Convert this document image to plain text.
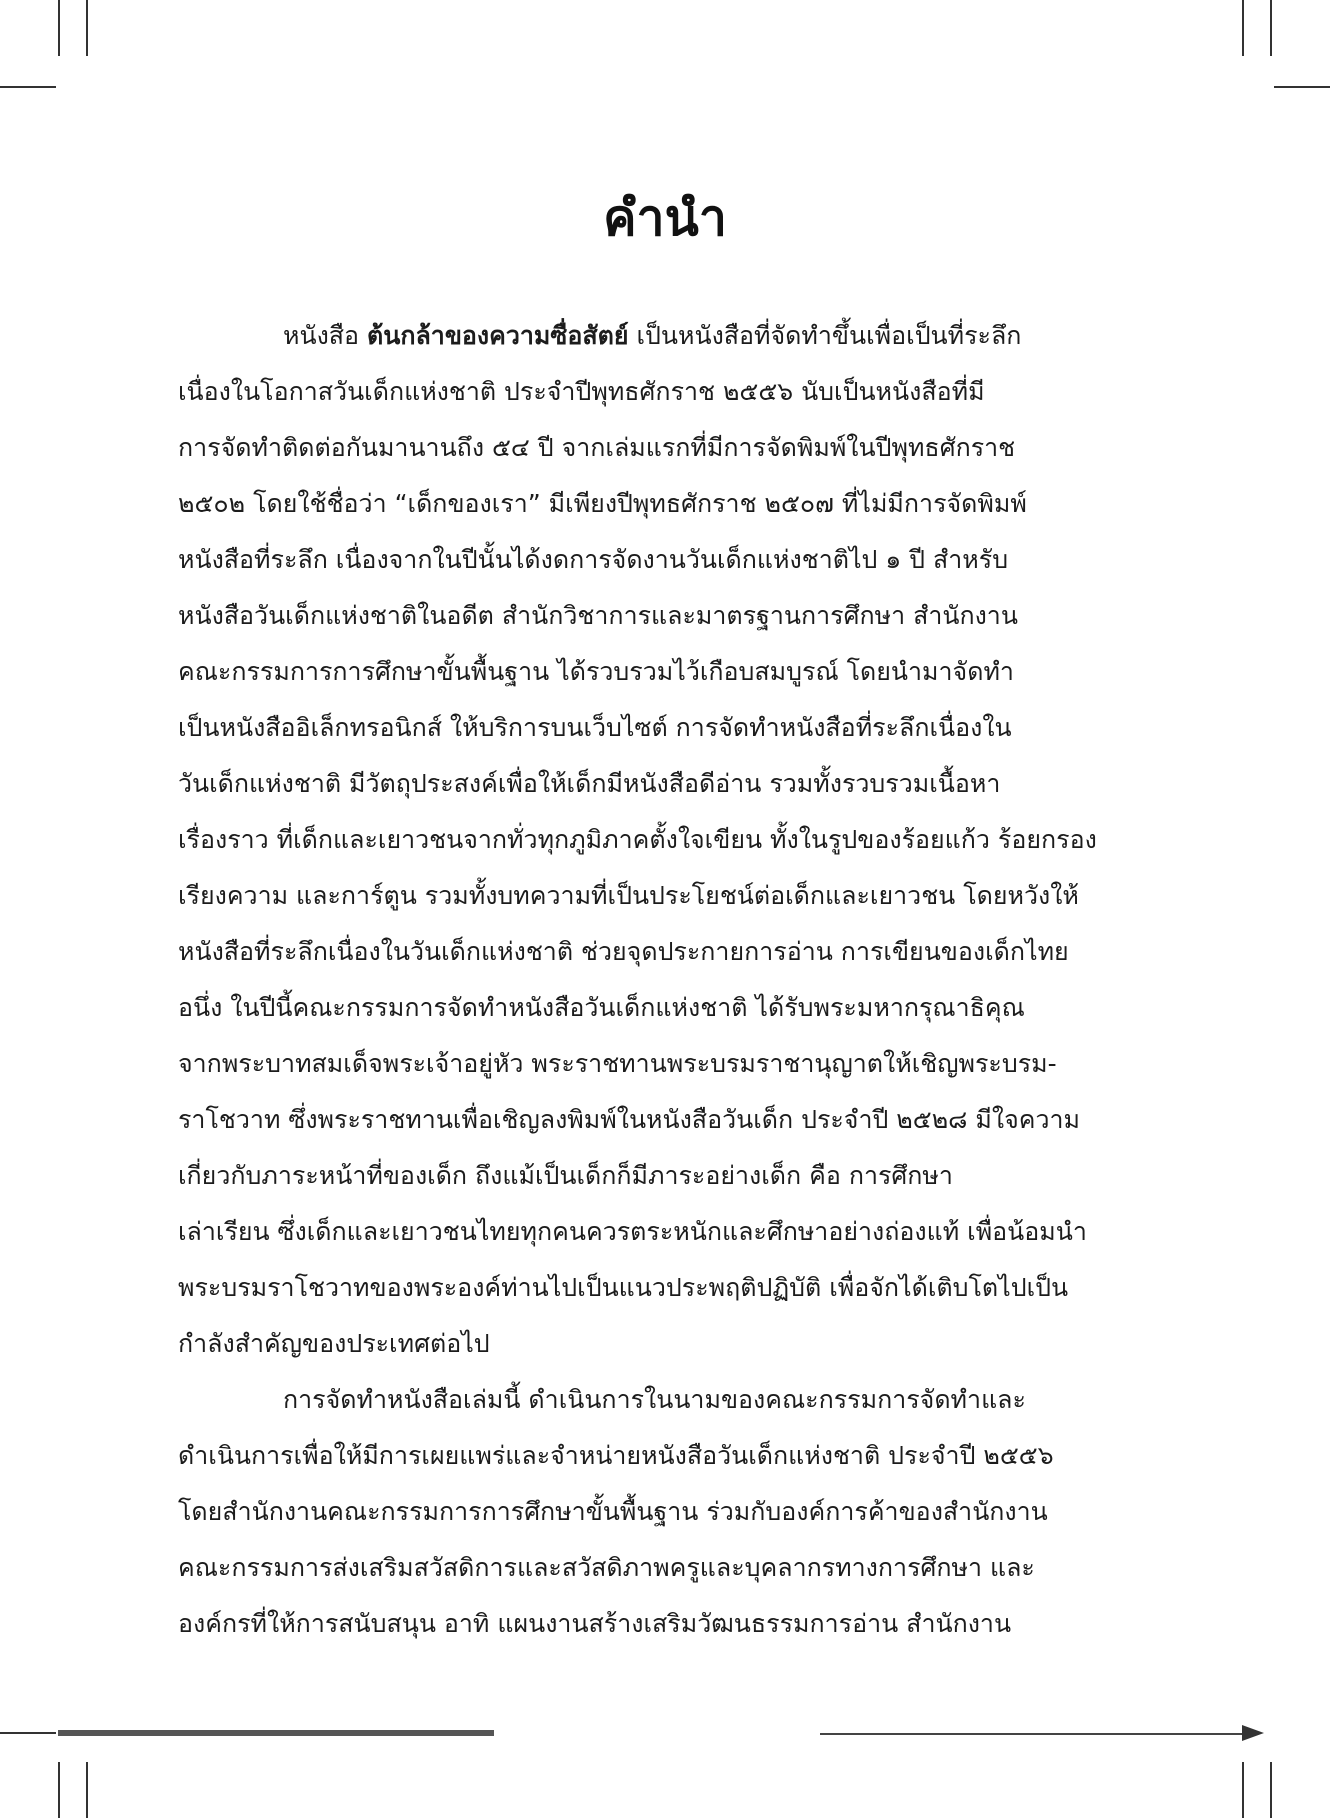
คำนำ
หนังสือ ต้นกล้าของความซื่อสัตย์ เป็นหนังสือที่จัดทำขึ้นเพื่อเป็นที่ระลึก
เนื่องในโอกาสวันเด็กแห่งชาติ ประจำปีพุทธศักราช ๒๕๕๖ นับเป็นหนังสือที่มี
การจัดทำติดต่อกันมานานถึง ๕๔ ปี จากเล่มแรกที่มีการจัดพิมพ์ในปีพุทธศักราช
๒๕๐๒ โดยใช้ชื่อว่า “เด็กของเรา” มีเพียงปีพุทธศักราช ๒๕๐๗ ที่ไม่มีการจัดพิมพ์
หนังสือที่ระลึก เนื่องจากในปีนั้นได้งดการจัดงานวันเด็กแห่งชาติไป ๑ ปี สำหรับ
หนังสือวันเด็กแห่งชาติในอดีต สำนักวิชาการและมาตรฐานการศึกษา สำนักงาน
คณะกรรมการการศึกษาขั้นพื้นฐาน ได้รวบรวมไว้เกือบสมบูรณ์ โดยนำมาจัดทำ
เป็นหนังสืออิเล็กทรอนิกส์ ให้บริการบนเว็บไซต์ การจัดทำหนังสือที่ระลึกเนื่องใน
วันเด็กแห่งชาติ มีวัตถุประสงค์เพื่อให้เด็กมีหนังสือดีอ่าน รวมทั้งรวบรวมเนื้อหา
เรื่องราว ที่เด็กและเยาวชนจากทั่วทุกภูมิภาคตั้งใจเขียน ทั้งในรูปของร้อยแก้ว ร้อยกรอง
เรียงความ และการ์ตูน รวมทั้งบทความที่เป็นประโยชน์ต่อเด็กและเยาวชน โดยหวังให้
หนังสือที่ระลึกเนื่องในวันเด็กแห่งชาติ ช่วยจุดประกายการอ่าน การเขียนของเด็กไทย
อนึ่ง ในปีนี้คณะกรรมการจัดทำหนังสือวันเด็กแห่งชาติ ได้รับพระมหากรุณาธิคุณ
จากพระบาทสมเด็จพระเจ้าอยู่หัว พระราชทานพระบรมราชานุญาตให้เชิญพระบรม-
ราโชวาท ซึ่งพระราชทานเพื่อเชิญลงพิมพ์ในหนังสือวันเด็ก ประจำปี ๒๕๒๘ มีใจความ
เกี่ยวกับภาระหน้าที่ของเด็ก ถึงแม้เป็นเด็กก็มีภาระอย่างเด็ก คือ การศึกษา
เล่าเรียน ซึ่งเด็กและเยาวชนไทยทุกคนควรตระหนักและศึกษาอย่างถ่องแท้ เพื่อน้อมนำ
พระบรมราโชวาทของพระองค์ท่านไปเป็นแนวประพฤติปฏิบัติ เพื่อจักได้เติบโตไปเป็น
กำลังสำคัญของประเทศต่อไป
การจัดทำหนังสือเล่มนี้ ดำเนินการในนามของคณะกรรมการจัดทำและ
ดำเนินการเพื่อให้มีการเผยแพร่และจำหน่ายหนังสือวันเด็กแห่งชาติ ประจำปี ๒๕๕๖
โดยสำนักงานคณะกรรมการการศึกษาขั้นพื้นฐาน ร่วมกับองค์การค้าของสำนักงาน
คณะกรรมการส่งเสริมสวัสดิการและสวัสดิภาพครูและบุคลากรทางการศึกษา และ
องค์กรที่ให้การสนับสนุน อาทิ แผนงานสร้างเสริมวัฒนธรรมการอ่าน สำนักงาน
